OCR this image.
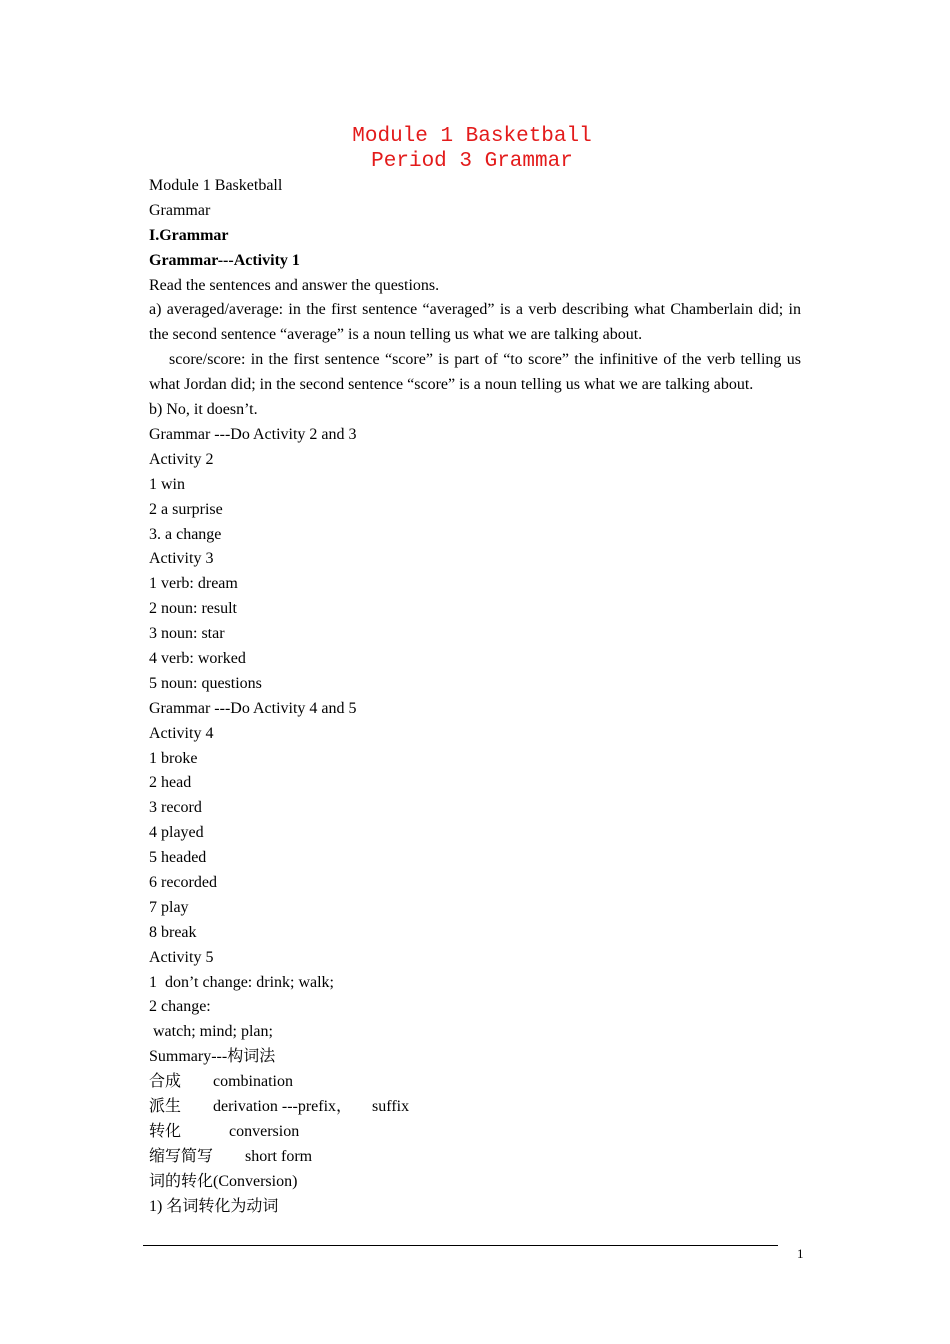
Module 1 Basketball
Period 3 Grammar
Module 1 Basketball
Grammar
I.Grammar
Grammar---Activity 1
Read the sentences and answer the questions.
a) averaged/average: in the first sentence “averaged” is a verb describing what Chamberlain did; in the second sentence “average” is a noun telling us what we are talking about.
score/score: in the first sentence “score” is part of “to score” the infinitive of the verb telling us what Jordan did; in the second sentence “score” is a noun telling us what we are talking about.
b) No, it doesn’t.
Grammar ---Do Activity 2 and 3
Activity 2
1 win
2 a surprise
3. a change
Activity 3
1 verb: dream
2 noun: result
3 noun: star
4 verb: worked
5 noun: questions
Grammar ---Do Activity 4 and 5
Activity 4
1 broke
2 head
3 record
4 played
5 headed
6 recorded
7 play
8 break
Activity 5
1  don’t change: drink; walk;
2 change:
watch; mind; plan;
Summary---构词法
合成        combination
派生        derivation ---prefix，     suffix
转化            conversion
缩写简写        short form
词的转化(Conversion)
1) 名词转化为动词
1
